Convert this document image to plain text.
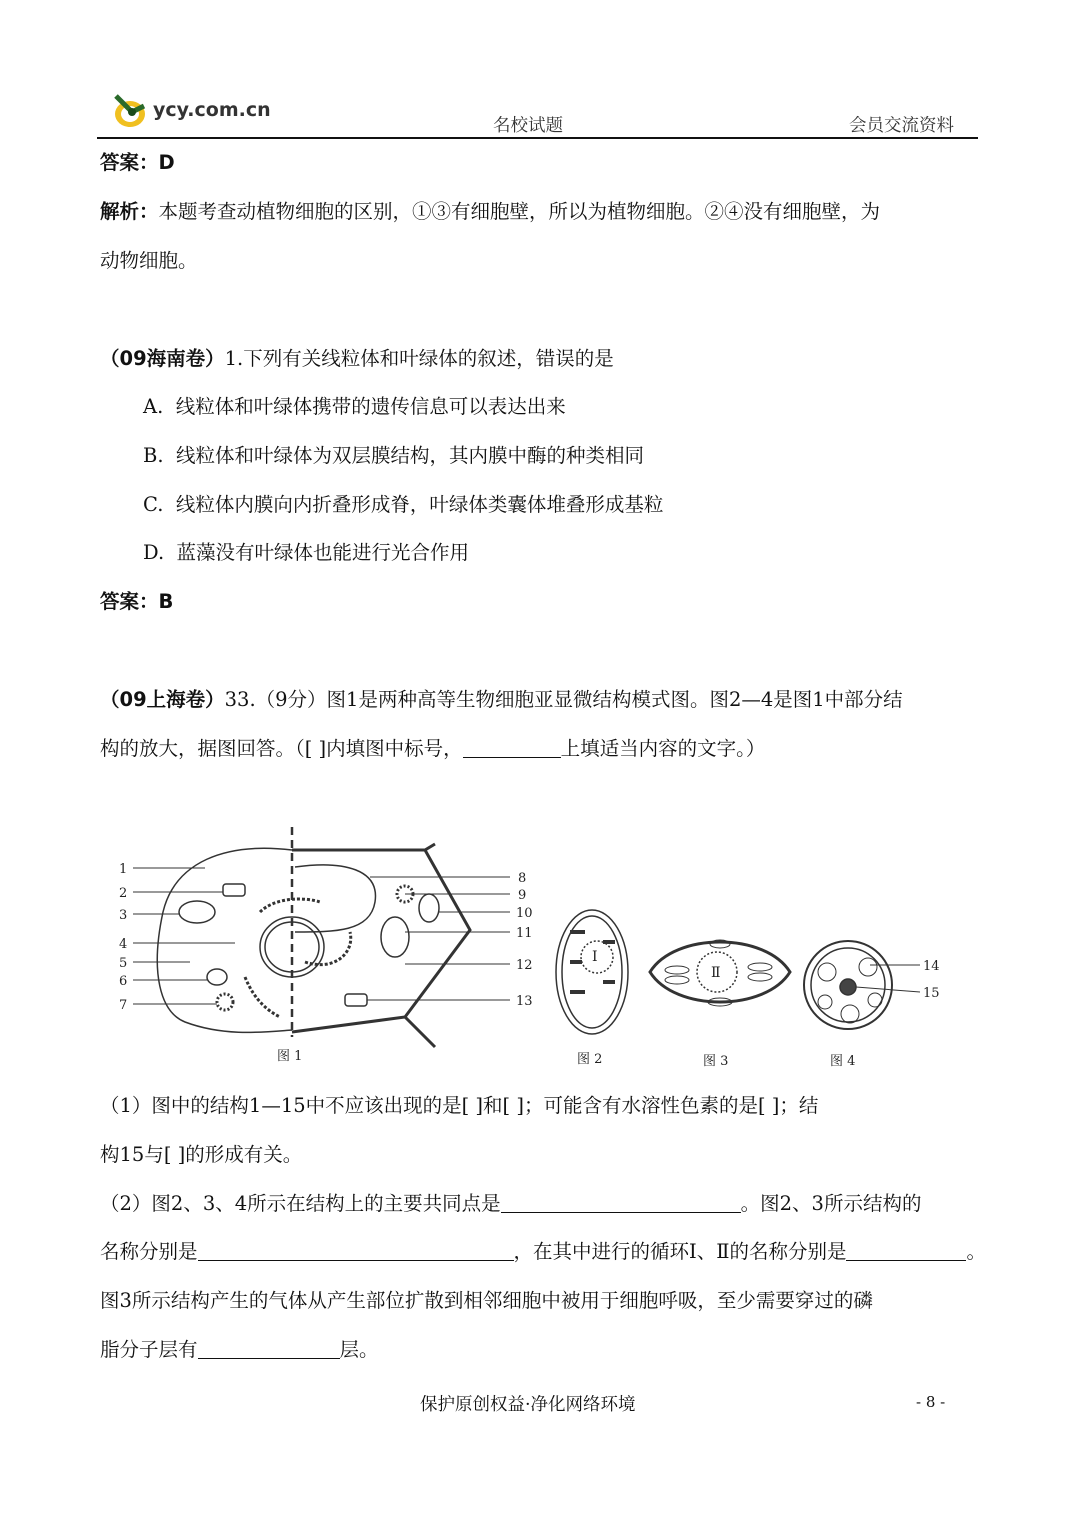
ycy.com.cn
名校试题	会员交流资料
答案：D
解析：本题考查动植物细胞的区别，①③有细胞壁，所以为植物细胞。②④没有细胞壁，为
动物细胞。
（09海南卷）1.下列有关线粒体和叶绿体的叙述，错误的是
A. 线粒体和叶绿体携带的遗传信息可以表达出来
B. 线粒体和叶绿体为双层膜结构，其内膜中酶的种类相同
C. 线粒体内膜向内折叠形成脊，叶绿体类囊体堆叠形成基粒
D. 蓝藻没有叶绿体也能进行光合作用
答案：B
（09上海卷）33.（9分）图1是两种高等生物细胞亚显微结构模式图。图2—4是图1中部分结
构的放大，据图回答。（[ ]内填图中标号，	上填适当内容的文字。）
1
2
3
4
5
6
7
8
9
10
11
12
13
14
15
Ⅰ
Ⅱ
图 1	图 2	图 3	图 4
（1）图中的结构1—15中不应该出现的是[ ]和[ ]；可能含有水溶性色素的是[ ]；结
构15与[ ]的形成有关。
（2）图2、3、4所示在结构上的主要共同点是	。图2、3所示结构的
名称分别是	，在其中进行的循环Ⅰ、Ⅱ的名称分别是	。
图3所示结构产生的气体从产生部位扩散到相邻细胞中被用于细胞呼吸，至少需要穿过的磷
脂分子层有	层。
保护原创权益·净化网络环境	- 8 -
